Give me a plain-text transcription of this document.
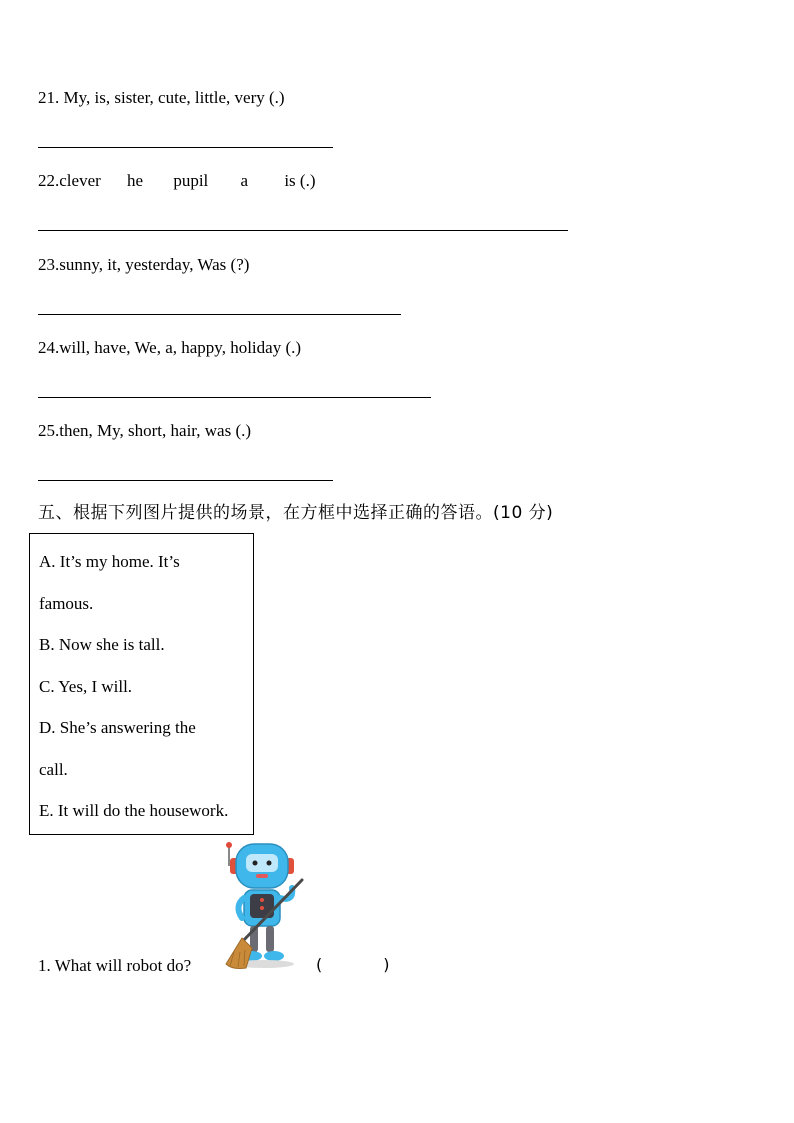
21. My, is, sister, cute, little, very (.)
22.clever he pupil a is (.)
23.sunny, it, yesterday, Was (?)
24.will, have, We, a, happy, holiday (.)
25.then, My, short, hair, was (.)
五、根据下列图片提供的场景，在方框中选择正确的答语。(10 分)
A. It’s my home. It’s
famous.
B. Now she is tall.
C. Yes, I will.
D. She’s answering the
call.
E. It will do the housework.
1. What will robot do?	(            )
